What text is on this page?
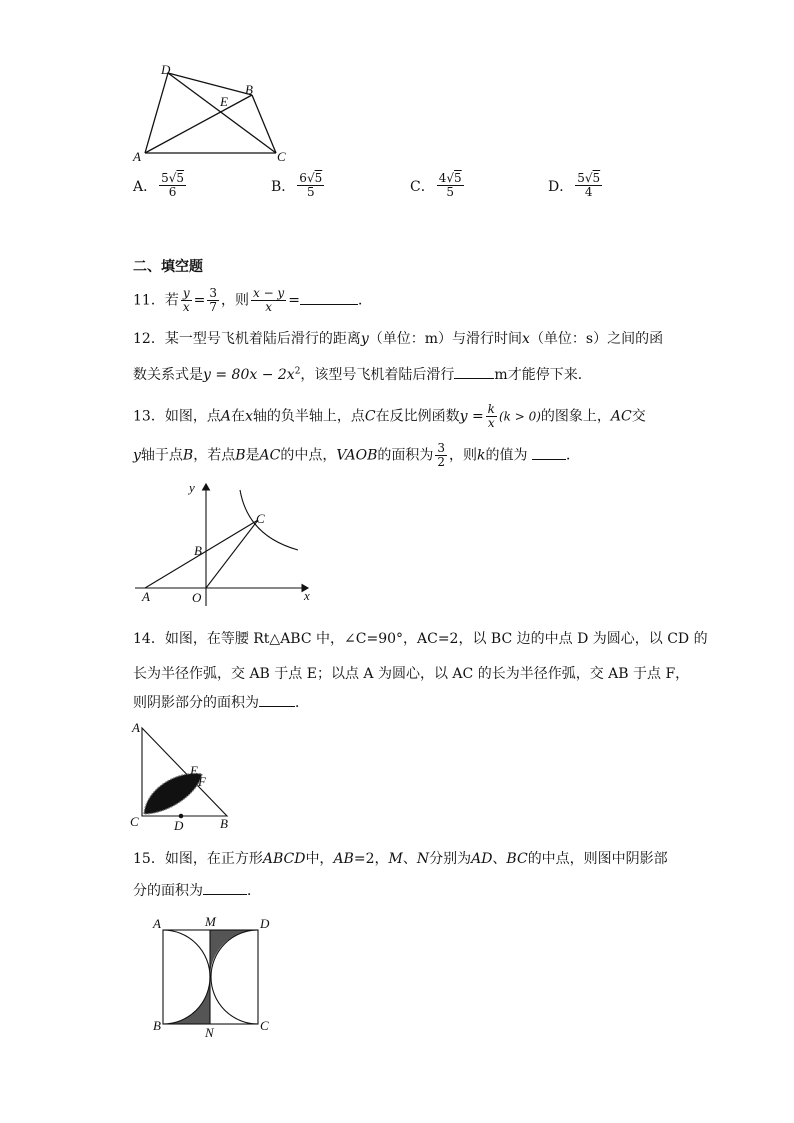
D
B
E
A	C
A． $\frac{5√5}{6}$	B． $\frac{6√5}{5}$	C． $\frac{4√5}{5}$	D． $\frac{5√5}{4}$
二、填空题
11．若 $\frac{y}{x} = \frac{3}{7}$ ，则 $\frac{x - y}{x}$ =	．
12．某一型号飞机着陆后滑行的距离y（单位：m）与滑行时间x（单位：s）之间的函
数关系式是$y = 80x - 2x^2$，该型号飞机着陆后滑行	m才能停下来．
13．如图，点A在x轴的负半轴上，点C在反比例函数$y = \frac{k}{x} (k > 0)$的图象上，AC交
y轴于点B，若点B是AC的中点，VAOB的面积为 $\frac{3}{2}$ ，则k的值为	．
y
x
B
C
A	O
14．如图，在等腰 Rt△ABC 中，∠C=90°，AC=2，以 BC 边的中点 D 为圆心，以 CD 的
长为半径作弧，交 AB 于点 E；以点 A 为圆心，以 AC 的长为半径作弧，交 AB 于点 F，
则阴影部分的面积为	．
A
E
F
C	D	B
15．如图，在正方形ABCD中，AB=2，M、N分别为AD、BC的中点，则图中阴影部
分的面积为	．
A	M	D
B	N	C
